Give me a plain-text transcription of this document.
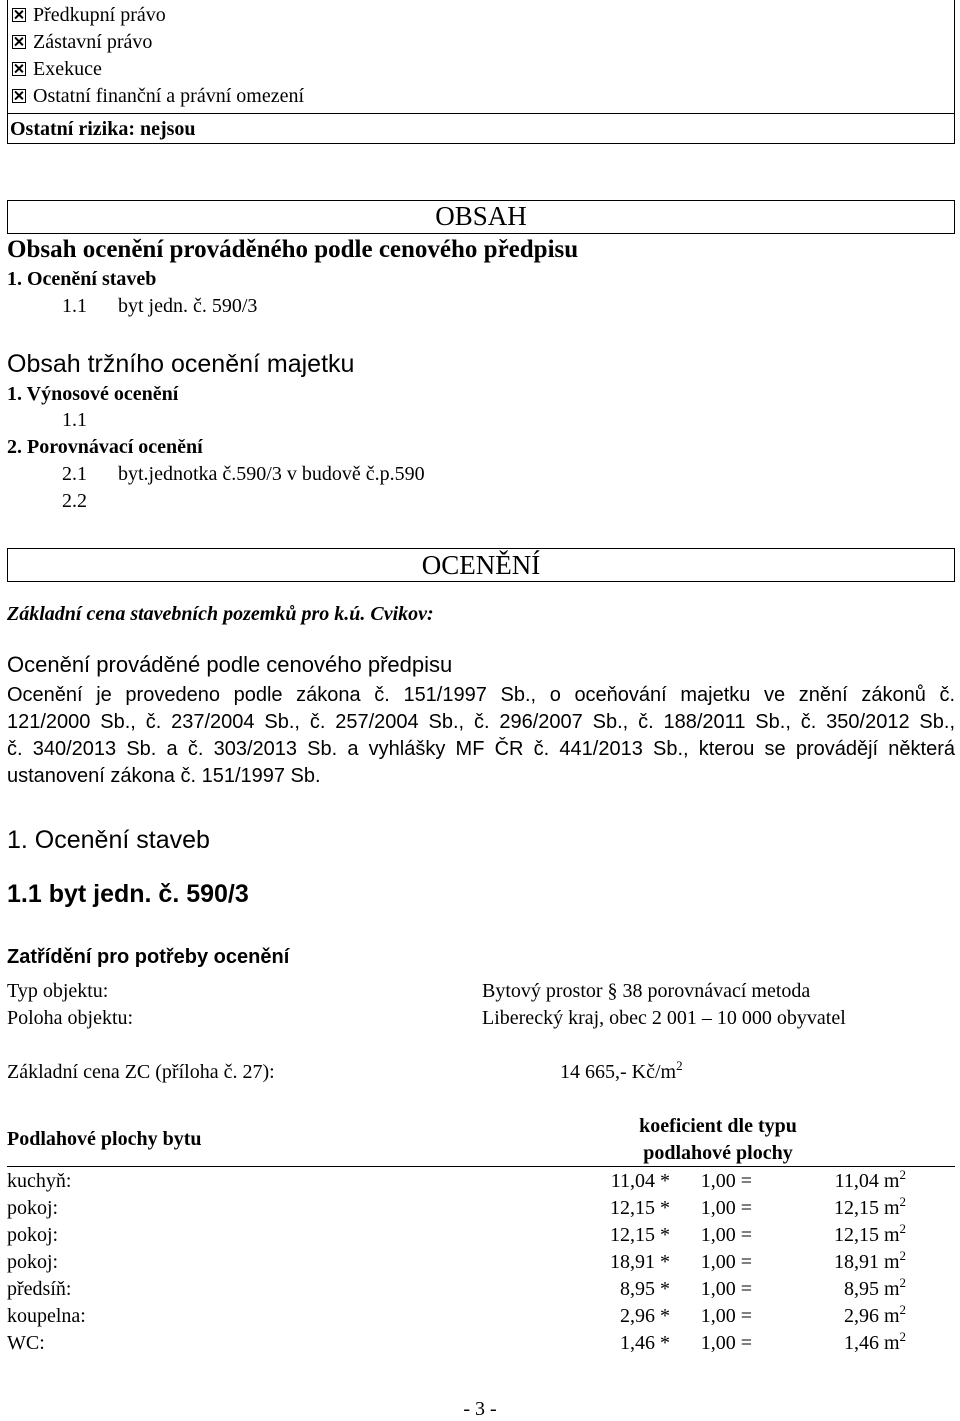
Předkupní právo
Zástavní právo
Exekuce
Ostatní finanční a právní omezení
Ostatní rizika: nejsou
OBSAH
Obsah ocenění prováděného podle cenového předpisu
1. Ocenění staveb
1.1 byt jedn. č. 590/3
Obsah tržního ocenění majetku
1. Výnosové ocenění
1.1
2. Porovnávací ocenění
2.1 byt.jednotka č.590/3 v budově č.p.590
2.2
OCENĚNÍ
Základní cena stavebních pozemků pro k.ú. Cvikov:
Ocenění prováděné podle cenového předpisu
Ocenění je provedeno podle zákona č. 151/1997 Sb., o oceňování majetku ve znění zákonů č.
121/2000 Sb., č. 237/2004 Sb., č. 257/2004 Sb., č. 296/2007 Sb., č. 188/2011 Sb., č. 350/2012 Sb.,
č. 340/2013 Sb. a č. 303/2013 Sb. a vyhlášky MF ČR č. 441/2013 Sb., kterou se provádějí některá
ustanovení zákona č. 151/1997 Sb.
1. Ocenění staveb
1.1 byt jedn. č. 590/3
Zatřídění pro potřeby ocenění
Typ objektu:	Bytový prostor § 38 porovnávací metoda
Poloha objektu:	Liberecký kraj, obec 2 001 – 10 000 obyvatel
Základní cena ZC (příloha č. 27):	14 665,- $Kč/m^2$
Podlahové plochy bytu
koeficient dle typu
podlahové plochy
kuchyň:	11,04 *	1,00 =	11,04 $m^2$
pokoj:	12,15 *	1,00 =	12,15 $m^2$
pokoj:	12,15 *	1,00 =	12,15 $m^2$
pokoj:	18,91 *	1,00 =	18,91 $m^2$
předsíň:	8,95 *	1,00 =	8,95 $m^2$
koupelna:	2,96 *	1,00 =	2,96 $m^2$
WC:	1,46 *	1,00 =	1,46 $m^2$
- 3 -
